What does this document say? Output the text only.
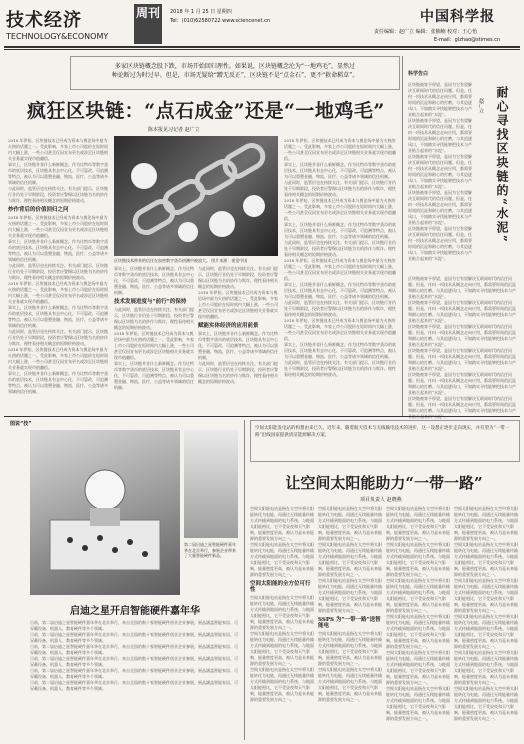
技术经济	周刊
TECHNOLOGY&ECONOMY
2018 年 1 月 25 日 星期四
Tel：(010)62580722 www.sciencenet.cn	中国科学报
责任编辑：赵广立 编辑：张楠楠 校对：王心怡
E-mail：glzhao@stimes.cn
多家区块链概念股下跌，市场开始回归理性。如果说，区块链概念沦为“一地鸡毛”，显然过
种论断过为时过早。但是，市场无疑给“蹭无反正”，区块链不是“点金石”，更不“救命稻草”。
疯狂区块链：“点石成金”还是“一地鸡毛”
陈本报见习记者 赵广立
2018 年伊始，区块链技术已经成为资本与舆论场中最为火热的话题之一。受此影响，多家上市公司股价在短时间内大幅上涨，一些公司甚至仅因宣布更名或涉足区块链相关业务就实现市值翻倍。
事实上，区块链并非什么新鲜概念。作为比特币等数字货币的底层技术，区块链具有去中心化、不可篡改、可追溯等特点，被认为可以重塑金融、物流、医疗、公益等诸多领域的信任机制。
与此同时，监管层也在持续关注。有关部门提示，区块链行业仍处于早期阶段，投资者应警惕以区块链为名的炒作与欺诈，理性看待相关概念的短期价格波动。
炒作背后的价值回归之问
2018 年伊始，区块链技术已经成为资本与舆论场中最为火热的话题之一。受此影响，多家上市公司股价在短时间内大幅上涨，一些公司甚至仅因宣布更名或涉足区块链相关业务就实现市值翻倍。
事实上，区块链并非什么新鲜概念。作为比特币等数字货币的底层技术，区块链具有去中心化、不可篡改、可追溯等特点，被认为可以重塑金融、物流、医疗、公益等诸多领域的信任机制。
与此同时，监管层也在持续关注。有关部门提示，区块链行业仍处于早期阶段，投资者应警惕以区块链为名的炒作与欺诈，理性看待相关概念的短期价格波动。
2018 年伊始，区块链技术已经成为资本与舆论场中最为火热的话题之一。受此影响，多家上市公司股价在短时间内大幅上涨，一些公司甚至仅因宣布更名或涉足区块链相关业务就实现市值翻倍。
事实上，区块链并非什么新鲜概念。作为比特币等数字货币的底层技术，区块链具有去中心化、不可篡改、可追溯等特点，被认为可以重塑金融、物流、医疗、公益等诸多领域的信任机制。
与此同时，监管层也在持续关注。有关部门提示，区块链行业仍处于早期阶段，投资者应警惕以区块链为名的炒作与欺诈，理性看待相关概念的短期价格波动。
2018 年伊始，区块链技术已经成为资本与舆论场中最为火热的话题之一。受此影响，多家上市公司股价在短时间内大幅上涨，一些公司甚至仅因宣布更名或涉足区块链相关业务就实现市值翻倍。
事实上，区块链并非什么新鲜概念。作为比特币等数字货币的底层技术，区块链具有去中心化、不可篡改、可追溯等特点，被认为可以重塑金融、物流、医疗、公益等诸多领域的信任机制。
区块链技术带来的信任在加密数字货币热潮中被放大。 图片来源：视觉中国
事实上，区块链并非什么新鲜概念。作为比特币等数字货币的底层技术，区块链具有去中心化、不可篡改、可追溯等特点，被认为可以重塑金融、物流、医疗、公益等诸多领域的信任机制。
技术发展进度与“前行”的保持
与此同时，监管层也在持续关注。有关部门提示，区块链行业仍处于早期阶段，投资者应警惕以区块链为名的炒作与欺诈，理性看待相关概念的短期价格波动。
2018 年伊始，区块链技术已经成为资本与舆论场中最为火热的话题之一。受此影响，多家上市公司股价在短时间内大幅上涨，一些公司甚至仅因宣布更名或涉足区块链相关业务就实现市值翻倍。
事实上，区块链并非什么新鲜概念。作为比特币等数字货币的底层技术，区块链具有去中心化、不可篡改、可追溯等特点，被认为可以重塑金融、物流、医疗、公益等诸多领域的信任机制。
与此同时，监管层也在持续关注。有关部门提示，区块链行业仍处于早期阶段，投资者应警惕以区块链为名的炒作与欺诈，理性看待相关概念的短期价格波动。
2018 年伊始，区块链技术已经成为资本与舆论场中最为火热的话题之一。受此影响，多家上市公司股价在短时间内大幅上涨，一些公司甚至仅因宣布更名或涉足区块链相关业务就实现市值翻倍。
赋能实体经济的应用前景
事实上，区块链并非什么新鲜概念。作为比特币等数字货币的底层技术，区块链具有去中心化、不可篡改、可追溯等特点，被认为可以重塑金融、物流、医疗、公益等诸多领域的信任机制。
与此同时，监管层也在持续关注。有关部门提示，区块链行业仍处于早期阶段，投资者应警惕以区块链为名的炒作与欺诈，理性看待相关概念的短期价格波动。
2018 年伊始，区块链技术已经成为资本与舆论场中最为火热的话题之一。受此影响，多家上市公司股价在短时间内大幅上涨，一些公司甚至仅因宣布更名或涉足区块链相关业务就实现市值翻倍。
事实上，区块链并非什么新鲜概念。作为比特币等数字货币的底层技术，区块链具有去中心化、不可篡改、可追溯等特点，被认为可以重塑金融、物流、医疗、公益等诸多领域的信任机制。
与此同时，监管层也在持续关注。有关部门提示，区块链行业仍处于早期阶段，投资者应警惕以区块链为名的炒作与欺诈，理性看待相关概念的短期价格波动。
2018 年伊始，区块链技术已经成为资本与舆论场中最为火热的话题之一。受此影响，多家上市公司股价在短时间内大幅上涨，一些公司甚至仅因宣布更名或涉足区块链相关业务就实现市值翻倍。
事实上，区块链并非什么新鲜概念。作为比特币等数字货币的底层技术，区块链具有去中心化、不可篡改、可追溯等特点，被认为可以重塑金融、物流、医疗、公益等诸多领域的信任机制。
与此同时，监管层也在持续关注。有关部门提示，区块链行业仍处于早期阶段，投资者应警惕以区块链为名的炒作与欺诈，理性看待相关概念的短期价格波动。
2018 年伊始，区块链技术已经成为资本与舆论场中最为火热的话题之一。受此影响，多家上市公司股价在短时间内大幅上涨，一些公司甚至仅因宣布更名或涉足区块链相关业务就实现市值翻倍。
事实上，区块链并非什么新鲜概念。作为比特币等数字货币的底层技术，区块链具有去中心化、不可篡改、可追溯等特点，被认为可以重塑金融、物流、医疗、公益等诸多领域的信任机制。
与此同时，监管层也在持续关注。有关部门提示，区块链行业仍处于早期阶段，投资者应警惕以区块链为名的炒作与欺诈，理性看待相关概念的短期价格波动。
2018 年伊始，区块链技术已经成为资本与舆论场中最为火热的话题之一。受此影响，多家上市公司股价在短时间内大幅上涨，一些公司甚至仅因宣布更名或涉足区块链相关业务就实现市值翻倍。
事实上，区块链并非什么新鲜概念。作为比特币等数字货币的底层技术，区块链具有去中心化、不可篡改、可追溯等特点，被认为可以重塑金融、物流、医疗、公益等诸多领域的信任机制。
与此同时，监管层也在持续关注。有关部门提示，区块链行业仍处于早期阶段，投资者应警惕以区块链为名的炒作与欺诈，理性看待相关概念的短期价格波动。
科学告白
耐心寻找区块链的“水泥”
赵广立
区块链被寄予厚望，是因为它有望解决互联网时代的信任问题。但是，任何一项技术从概念走向应用，都需要时间的沉淀和耐心的打磨。与其追逐风口，不如踏实寻找能够把技术与产业粘合起来的“水泥”。
区块链被寄予厚望，是因为它有望解决互联网时代的信任问题。但是，任何一项技术从概念走向应用，都需要时间的沉淀和耐心的打磨。与其追逐风口，不如踏实寻找能够把技术与产业粘合起来的“水泥”。
区块链被寄予厚望，是因为它有望解决互联网时代的信任问题。但是，任何一项技术从概念走向应用，都需要时间的沉淀和耐心的打磨。与其追逐风口，不如踏实寻找能够把技术与产业粘合起来的“水泥”。
区块链被寄予厚望，是因为它有望解决互联网时代的信任问题。但是，任何一项技术从概念走向应用，都需要时间的沉淀和耐心的打磨。与其追逐风口，不如踏实寻找能够把技术与产业粘合起来的“水泥”。
区块链被寄予厚望，是因为它有望解决互联网时代的信任问题。但是，任何一项技术从概念走向应用，都需要时间的沉淀和耐心的打磨。与其追逐风口，不如踏实寻找能够把技术与产业粘合起来的“水泥”。
区块链被寄予厚望，是因为它有望解决互联网时代的信任问题。但是，任何一项技术从概念走向应用，都需要时间的沉淀和耐心的打磨。与其追逐风口，不如踏实寻找能够把技术与产业粘合起来的“水泥”。
区块链被寄予厚望，是因为它有望解决互联网时代的信任问题。但是，任何一项技术从概念走向应用，都需要时间的沉淀和耐心的打磨。与其追逐风口，不如踏实寻找能够把技术与产业粘合起来的“水泥”。
区块链被寄予厚望，是因为它有望解决互联网时代的信任问题。但是，任何一项技术从概念走向应用，都需要时间的沉淀和耐心的打磨。与其追逐风口，不如踏实寻找能够把技术与产业粘合起来的“水泥”。
区块链被寄予厚望，是因为它有望解决互联网时代的信任问题。但是，任何一项技术从概念走向应用，都需要时间的沉淀和耐心的打磨。与其追逐风口，不如踏实寻找能够把技术与产业粘合起来的“水泥”。
区块链被寄予厚望，是因为它有望解决互联网时代的信任问题。但是，任何一项技术从概念走向应用，都需要时间的沉淀和耐心的打磨。与其追逐风口，不如踏实寻找能够把技术与产业粘合起来的“水泥”。
区块链被寄予厚望，是因为它有望解决互联网时代的信任问题。但是，任何一项技术从概念走向应用，都需要时间的沉淀和耐心的打磨。与其追逐风口，不如踏实寻找能够把技术与产
图说“技”
第二届启迪之星智能硬件嘉年华在北京举行，参展企业带来了大量智能硬件新品。
启迪之星开启智能硬件嘉年华
日前，第二届启迪之星智能硬件嘉年华在北京举行，来自全国的数十家智能硬件创业企业参展，展品涵盖智能家居、可穿戴设备、机器人、教育硬件等多个领域。
日前，第二届启迪之星智能硬件嘉年华在北京举行，来自全国的数十家智能硬件创业企业参展，展品涵盖智能家居、可穿戴设备、机器人、教育硬件等多个领域。
日前，第二届启迪之星智能硬件嘉年华在北京举行，来自全国的数十家智能硬件创业企业参展，展品涵盖智能家居、可穿戴设备、机器人、教育硬件等多个领域。
日前，第二届启迪之星智能硬件嘉年华在北京举行，来自全国的数十家智能硬件创业企业参展，展品涵盖智能家居、可穿戴设备、机器人、教育硬件等多个领域。
日前，第二届启迪之星智能硬件嘉年华在北京举行，来自全国的数十家智能硬件创业企业参展，展品涵盖智能家居、可穿戴设备、机器人、教育硬件等多个领域。
日前，第二届启迪之星智能硬件嘉年华在北京举行，来自全国的数十家智能硬件创业企业参展，展品涵盖智能家居、可穿戴设备、机器人、教育硬件等多个领域。
空间太阳能发电站的构想由来已久。近年来，随着航天技术与无线输电技术的进步，这一设想正逐步走向现实，并有望为“一带一路”沿线国家提供清洁能源解决方案。
让空间太阳能助力“一带一路”
项目负责人 赵晓燕
空间太阳能电站是指在太空中将太阳能转化为电能，再通过无线能量传输方式传输到地面的电力系统。与地面太阳能相比，它不受昼夜和天气影响，能量密度更高，被认为是未来能源的重要发展方向之一。
空间太阳能电站是指在太空中将太阳能转化为电能，再通过无线能量传输方式传输到地面的电力系统。与地面太阳能相比，它不受昼夜和天气影响，能量密度更高，被认为是未来能源的重要发展方向之一。
空间太阳能的全方位可行性
空间太阳能电站是指在太空中将太阳能转化为电能，再通过无线能量传输方式传输到地面的电力系统。与地面太阳能相比，它不受昼夜和天气影响，能量密度更高，被认为是未来能源的重要发展方向之一。
空间太阳能电站是指在太空中将太阳能转化为电能，再通过无线能量传输方式传输到地面的电力系统。与地面太阳能相比，它不受昼夜和天气影响，能量密度更高，被认为是未来能源的重要发展方向之一。
空间太阳能电站是指在太空中将太阳能转化为电能，再通过无线能量传输方式传输到地面的电力系统。与地面太阳能相比，它不受昼夜和天气影响，能量密度更高，被认为是未来能源的重要发展方向之一。
空间太阳能电站是指在太空中将太阳能转化为电能，再通过无线能量传输方式传输到地面的电力系统。与地面太阳能相比，它不受昼夜和天气影响，能量密度更高，被认为是未来能源的重要发展方向之一。
空间太阳能电站是指在太空中将太阳能转化为电能，再通过无线能量传输方式传输到地面的电力系统。与地面太阳能相比，它不受昼夜和天气影响，能量密度更高，被认为是未来能源的重要发展方向之一。
空间太阳能电站是指在太空中将太阳能转化为电能，再通过无线能量传输方式传输到地面的电力系统。与地面太阳能相比，它不受昼夜和天气影响，能量密度更高，被认为是未来能源的重要发展方向之一。
SSPS 为“一带一路”送智能电
空间太阳能电站是指在太空中将太阳能转化为电能，再通过无线能量传输方式传输到地面的电力系统。与地面太阳能相比，它不受昼夜和天气影响，能量密度更高，被认为是未来能源的重要发展方向之一。
空间太阳能电站是指在太空中将太阳能转化为电能，再通过无线能量传输方式传输到地面的电力系统。与地面太阳能相比，它不受昼夜和天气影响，能量密度更高，被认为是未来能源的重要发展方向之一。
空间太阳能电站是指在太空中将太阳能转化为电能，再通过无线能量传输方式传输到地面的电力系统。与地面太阳能相比，它不受昼夜和天气影响，能量密度更高，被认为是未来能源的重要发展方向之一。
空间太阳能电站是指在太空中将太阳能转化为电能，再通过无线能量传输方式传输到地面的电力系统。与地面太阳能相比，它不受昼夜和天气影响，能量密度更高，被认为是未来能源的重要发展方向之一。
空间太阳能电站是指在太空中将太阳能转化为电能，再通过无线能量传输方式传输到地面的电力系统。与地面太阳能相比，它不受昼夜和天气影响，能量密度更高，被认为是未来能源的重要发展方向之一。
空间太阳能电站是指在太空中将太阳能转化为电能，再通过无线能量传输方式传输到地面的电力系统。与地面太阳能相比，它不受昼夜和天气影响，能量密度更高，被认为是未来能源的重要发展方向之一。
空间太阳能电站是指在太空中将太阳能转化为电能，再通过无线能量传输方式传输到地面的电力系统。与地面太阳能相比，它不受昼夜和天气影响，能量密度更高，被认为是未来能源的重要发展方向之一。
空间太阳能电站是指在太空中将太阳能转化为电能，再通过无线能量传输方式传输到地面的电力系统。与地面太阳能相比，它不受昼夜和天气影响，能量密度更高，被认为是未来能源的重要发展方向之一。
空间太阳能电站是指在太空中将太阳能转化为电能，再通过无线能量传输方式传输到地面的电力系统。与地面太阳能相比，它不受昼夜和天气影响，能量密度更高，被认为是未来能源的重要发展方向之一。
空间太阳能电站是指在太空中将太阳能转化为电能，再通过无线能量传输方式传输到地面的电力系统。与地面太阳能相比，它不受昼夜和天气影响，能量密度更高，被认为是未来能源的重要发展方向之一。
空间太阳能电站是指在太空中将太阳能转化为电能，再通过无线能量传输方式传输到地面的电力系统。与地面太阳能相比，它不受昼夜和天气影响，能量密度更高，被认为是未来能源的重要发展方向之一。
空间太阳能电站是指在太空中将太阳能转化为电能，再通过无线能量传输方式传输到地面的电力系统。与地面太阳能相比，它不受昼夜和天气影响，能量密度更高，被认为是未来能源的重要发展方向之一。
空间太阳能电站是指在太空中将太阳能转化为电能，再通过无线能量传输方式传输到地面的电力系统。与地面太阳能相比，它不受昼夜和天气影响，能量密度更高，被认为是未来能源的重要发展方向之一。
空间太阳能电站是指在太空中将太阳能转化为电能，再通过无线能量传输方式传输到地面的电力系统。与地面太阳能相比，它不受昼夜和天气影响，能量密度更高，被认为是未来能源的重要发展方向之一。
